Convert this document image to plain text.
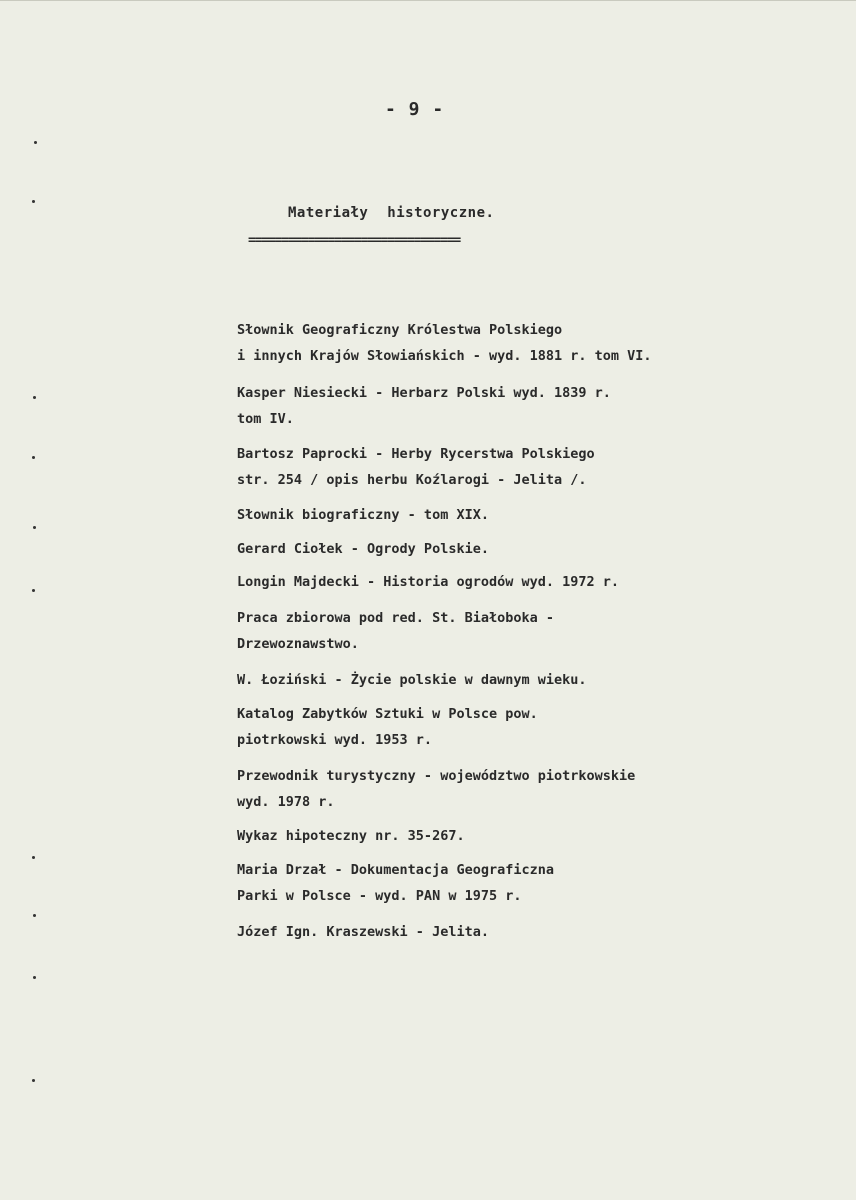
- 9 -
Materiały historyczne.
================================
Słownik Geograficzny Królestwa Polskiego
i innych Krajów Słowiańskich - wyd. 1881 r. tom VI.
Kasper Niesiecki - Herbarz Polski wyd. 1839 r.
tom IV.
Bartosz Paprocki - Herby Rycerstwa Polskiego
str. 254 / opis herbu Koźlarogi - Jelita /.
Słownik biograficzny - tom XIX.
Gerard Ciołek - Ogrody Polskie.
Longin Majdecki - Historia ogrodów wyd. 1972 r.
Praca zbiorowa pod red. St. Białoboka -
Drzewoznawstwo.
W. Łoziński - Życie polskie w dawnym wieku.
Katalog Zabytków Sztuki w Polsce pow.
piotrkowski wyd. 1953 r.
Przewodnik turystyczny - województwo piotrkowskie
wyd. 1978 r.
Wykaz hipoteczny nr. 35-267.
Maria Drzał - Dokumentacja Geograficzna
Parki w Polsce - wyd. PAN w 1975 r.
Józef Ign. Kraszewski - Jelita.
